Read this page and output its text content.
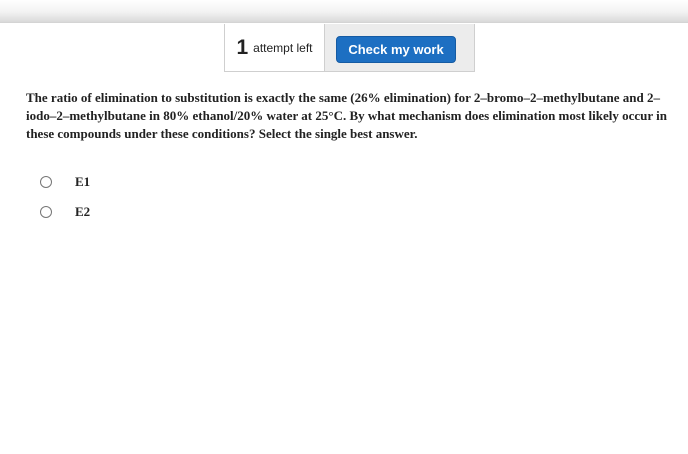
1 attempt left	Check my work
The ratio of elimination to substitution is exactly the same (26% elimination) for 2–bromo–2–methylbutane and 2–iodo–2–methylbutane in 80% ethanol/20% water at 25°C. By what mechanism does elimination most likely occur in these compounds under these conditions? Select the single best answer.
E1
E2
